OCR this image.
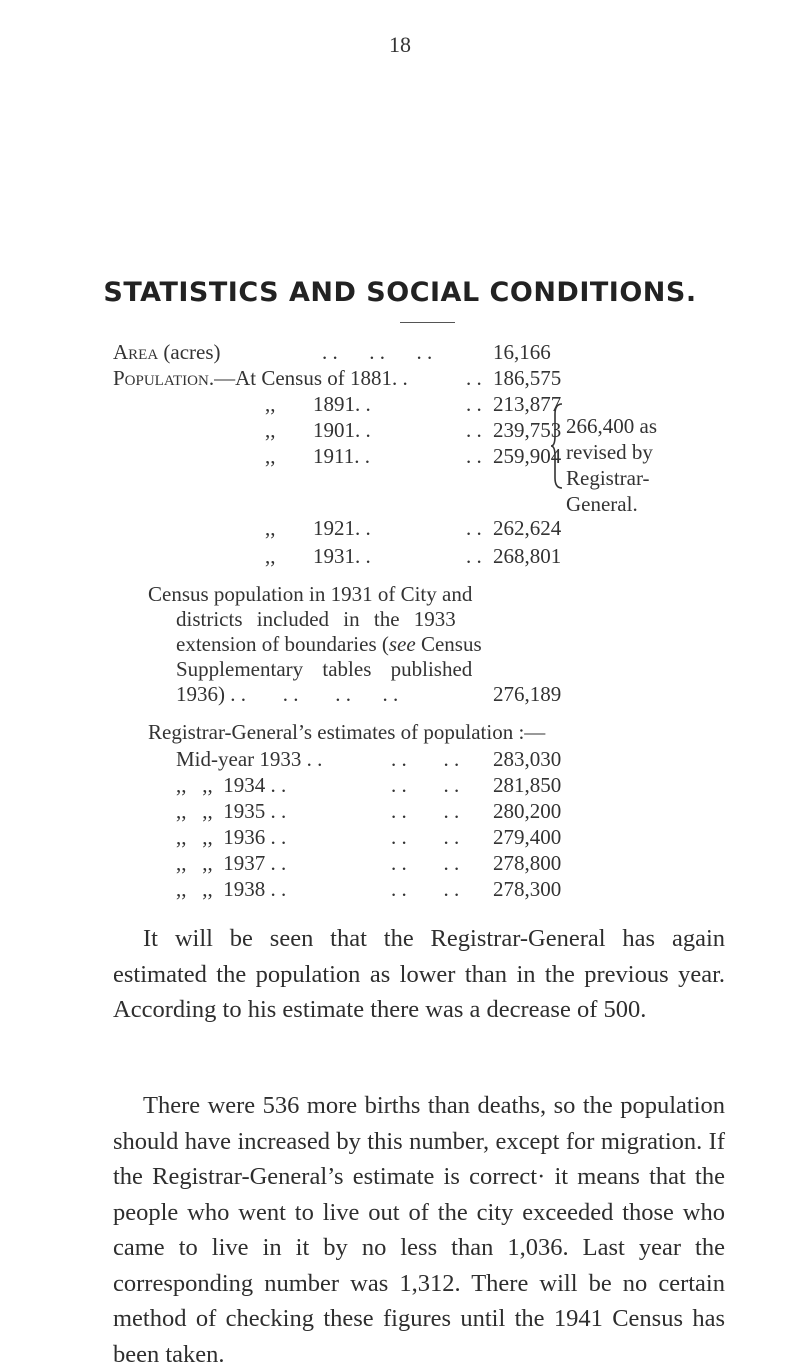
18
STATISTICS AND SOCIAL CONDITIONS.
Area (acres)	. .      . .      . .	16,166
Population.—At Census of 1881. .	. . 186,575
,, 1891. .	. . 213,877
,, 1901. .	. . 239,753
,, 1911. .	. . 259,904
,, 1921. .	. . 262,624
266,400 as
revised by
Registrar-
General.
,, 1931. .	. . 268,801
Census population in 1931 of City and
districts included in the 1933
extension of boundaries (see Census
Supplementary tables published
1936) . .       . .       . .      . .	276,189
Registrar-General’s estimates of population :—
Mid-year 1933 . .	. .       . . 283,030
,,   ,,  1934 . .	. .       . . 281,850
,,   ,,  1935 . .	. .       . . 280,200
,,   ,,  1936 . .	. .       . . 279,400
,,   ,,  1937 . .	. .       . . 278,800
,,   ,,  1938 . .	. .       . . 278,300

It will be seen that the Registrar-General has again estimated the population as lower than in the previous year. According to his estimate there was a decrease of 500.

There were 536 more births than deaths, so the population should have increased by this number, except for migration. If the Registrar-General’s estimate is correct· it means that the people who went to live out of the city exceeded those who came to live in it by no less than 1,036. Last year the corresponding number was 1,312. There will be no certain method of checking these figures until the 1941 Census has been taken.
